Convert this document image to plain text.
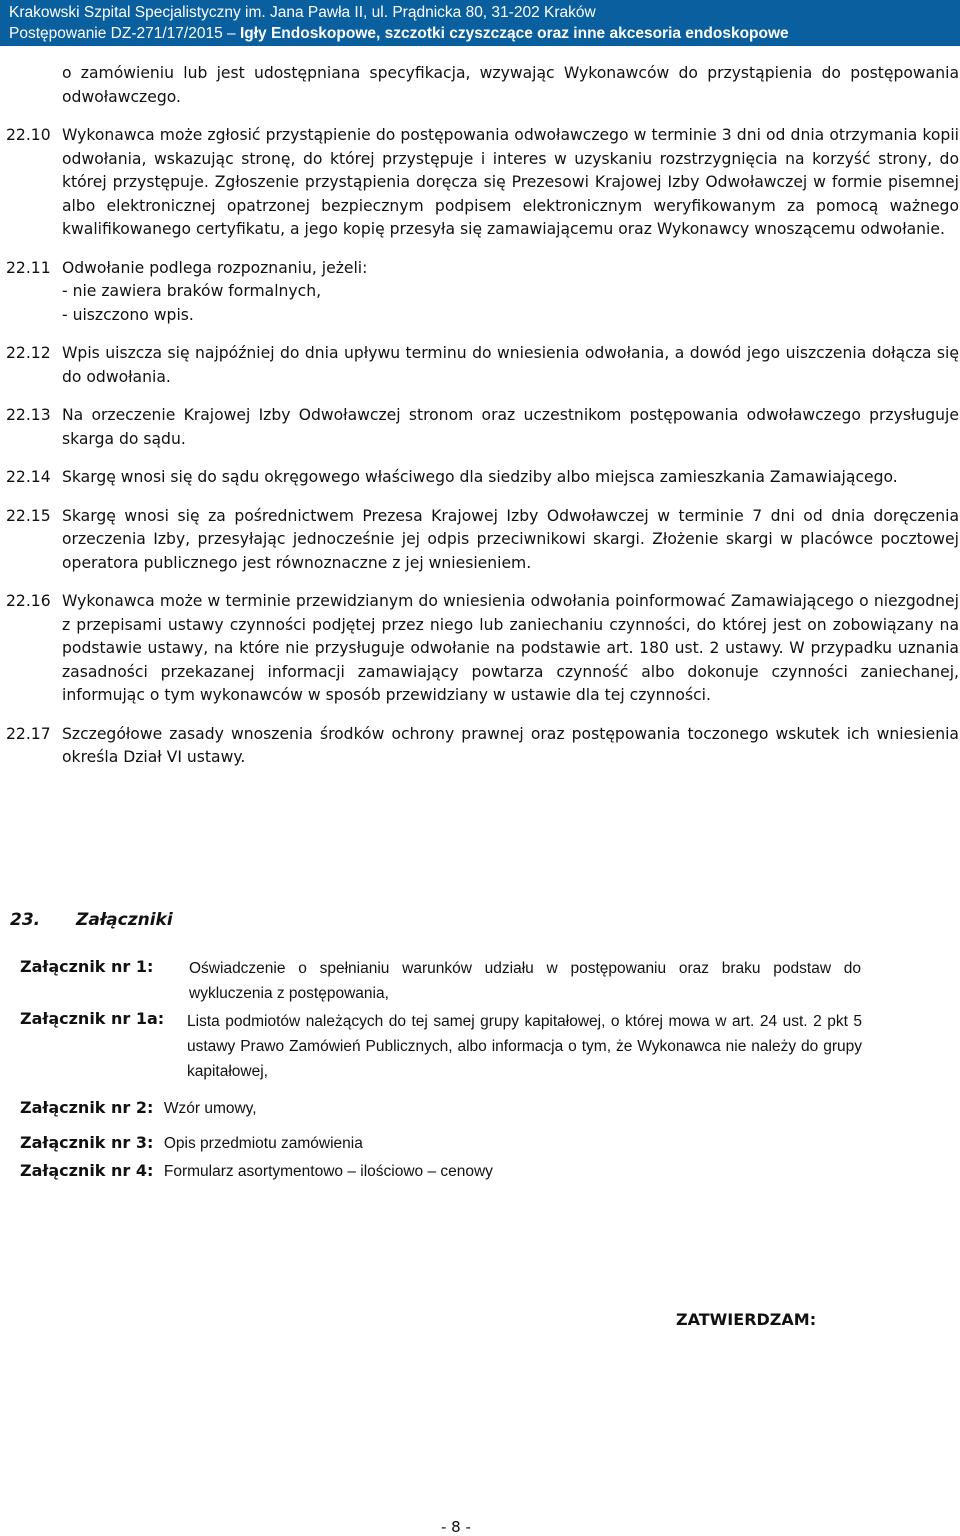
Krakowski Szpital Specjalistyczny im. Jana Pawła II, ul. Prądnicka 80, 31-202 Kraków
Postępowanie DZ-271/17/2015 – Igły Endoskopowe, szczotki czyszczące oraz inne akcesoria endoskopowe
o zamówieniu lub jest udostępniana specyfikacja, wzywając Wykonawców do przystąpienia do postępowania odwoławczego.
22.10 Wykonawca może zgłosić przystąpienie do postępowania odwoławczego w terminie 3 dni od dnia otrzymania kopii odwołania, wskazując stronę, do której przystępuje i interes w uzyskaniu rozstrzygnięcia na korzyść strony, do której przystępuje. Zgłoszenie przystąpienia doręcza się Prezesowi Krajowej Izby Odwoławczej w formie pisemnej albo elektronicznej opatrzonej bezpiecznym podpisem elektronicznym weryfikowanym za pomocą ważnego kwalifikowanego certyfikatu, a jego kopię przesyła się zamawiającemu oraz Wykonawcy wnoszącemu odwołanie.
22.11 Odwołanie podlega rozpoznaniu, jeżeli:
- nie zawiera braków formalnych,
- uiszczono wpis.
22.12 Wpis uiszcza się najpóźniej do dnia upływu terminu do wniesienia odwołania, a dowód jego uiszczenia dołącza się do odwołania.
22.13 Na orzeczenie Krajowej Izby Odwoławczej stronom oraz uczestnikom postępowania odwoławczego przysługuje skarga do sądu.
22.14 Skargę wnosi się do sądu okręgowego właściwego dla siedziby albo miejsca zamieszkania Zamawiającego.
22.15 Skargę wnosi się za pośrednictwem Prezesa Krajowej Izby Odwoławczej w terminie 7 dni od dnia doręczenia orzeczenia Izby, przesyłając jednocześnie jej odpis przeciwnikowi skargi. Złożenie skargi w placówce pocztowej operatora publicznego jest równoznaczne z jej wniesieniem.
22.16 Wykonawca może w terminie przewidzianym do wniesienia odwołania poinformować Zamawiającego o niezgodnej z przepisami ustawy czynności podjętej przez niego lub zaniechaniu czynności, do której jest on zobowiązany na podstawie ustawy, na które nie przysługuje odwołanie na podstawie art. 180 ust. 2 ustawy. W przypadku uznania zasadności przekazanej informacji zamawiający powtarza czynność albo dokonuje czynności zaniechanej, informując o tym wykonawców w sposób przewidziany w ustawie dla tej czynności.
22.17 Szczegółowe zasady wnoszenia środków ochrony prawnej oraz postępowania toczonego wskutek ich wniesienia określa Dział VI ustawy.
23. Załączniki
Załącznik nr 1: Oświadczenie o spełnianiu warunków udziału w postępowaniu oraz braku podstaw do wykluczenia z postępowania,
Załącznik nr 1a: Lista podmiotów należących do tej samej grupy kapitałowej, o której mowa w art. 24 ust. 2 pkt 5 ustawy Prawo Zamówień Publicznych, albo informacja o tym, że Wykonawca nie należy do grupy kapitałowej,
Załącznik nr 2: Wzór umowy,
Załącznik nr 3: Opis przedmiotu zamówienia
Załącznik nr 4: Formularz asortymentowo – ilościowo – cenowy
ZATWIERDZAM:
- 8 -
